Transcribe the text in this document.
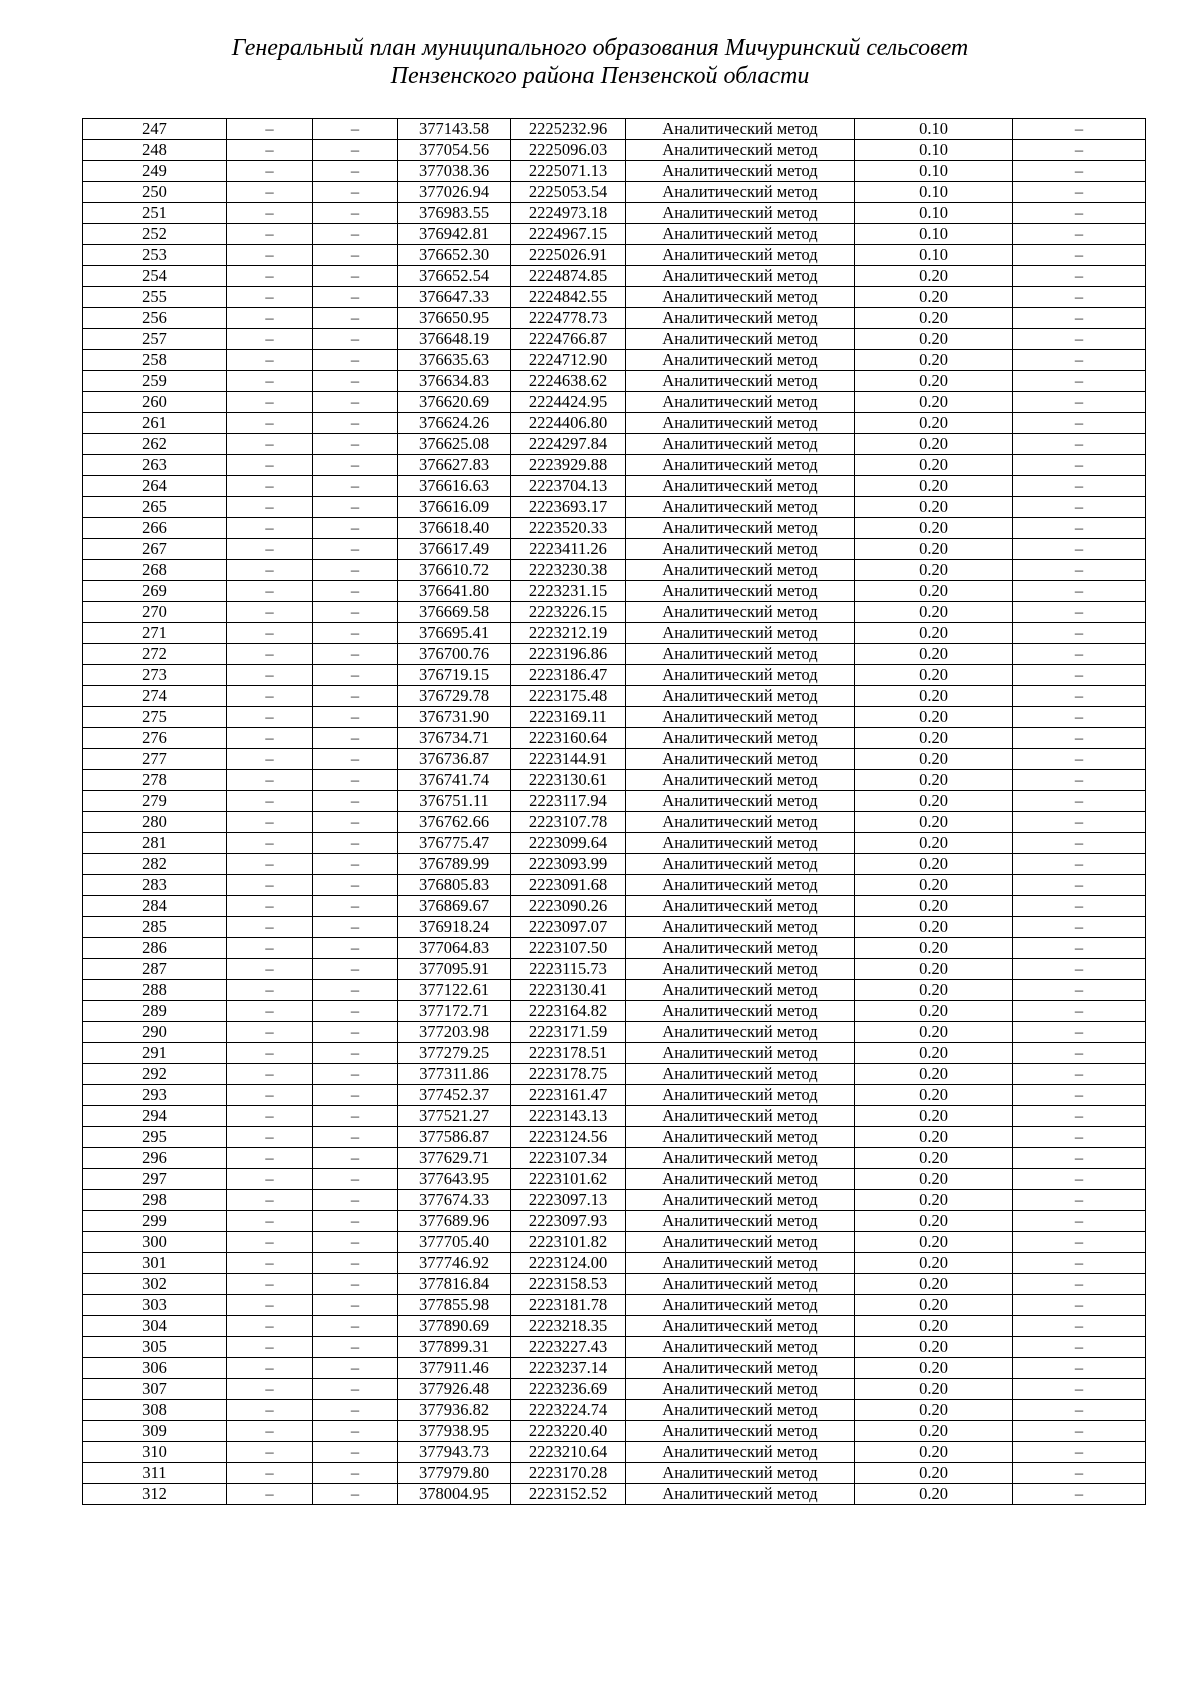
Генеральный план муниципального образования Мичуринский сельсовет
Пензенского района Пензенской области
247	–	–	377143.58	2225232.96	Аналитический метод	0.10	–
248	–	–	377054.56	2225096.03	Аналитический метод	0.10	–
249	–	–	377038.36	2225071.13	Аналитический метод	0.10	–
250	–	–	377026.94	2225053.54	Аналитический метод	0.10	–
251	–	–	376983.55	2224973.18	Аналитический метод	0.10	–
252	–	–	376942.81	2224967.15	Аналитический метод	0.10	–
253	–	–	376652.30	2225026.91	Аналитический метод	0.10	–
254	–	–	376652.54	2224874.85	Аналитический метод	0.20	–
255	–	–	376647.33	2224842.55	Аналитический метод	0.20	–
256	–	–	376650.95	2224778.73	Аналитический метод	0.20	–
257	–	–	376648.19	2224766.87	Аналитический метод	0.20	–
258	–	–	376635.63	2224712.90	Аналитический метод	0.20	–
259	–	–	376634.83	2224638.62	Аналитический метод	0.20	–
260	–	–	376620.69	2224424.95	Аналитический метод	0.20	–
261	–	–	376624.26	2224406.80	Аналитический метод	0.20	–
262	–	–	376625.08	2224297.84	Аналитический метод	0.20	–
263	–	–	376627.83	2223929.88	Аналитический метод	0.20	–
264	–	–	376616.63	2223704.13	Аналитический метод	0.20	–
265	–	–	376616.09	2223693.17	Аналитический метод	0.20	–
266	–	–	376618.40	2223520.33	Аналитический метод	0.20	–
267	–	–	376617.49	2223411.26	Аналитический метод	0.20	–
268	–	–	376610.72	2223230.38	Аналитический метод	0.20	–
269	–	–	376641.80	2223231.15	Аналитический метод	0.20	–
270	–	–	376669.58	2223226.15	Аналитический метод	0.20	–
271	–	–	376695.41	2223212.19	Аналитический метод	0.20	–
272	–	–	376700.76	2223196.86	Аналитический метод	0.20	–
273	–	–	376719.15	2223186.47	Аналитический метод	0.20	–
274	–	–	376729.78	2223175.48	Аналитический метод	0.20	–
275	–	–	376731.90	2223169.11	Аналитический метод	0.20	–
276	–	–	376734.71	2223160.64	Аналитический метод	0.20	–
277	–	–	376736.87	2223144.91	Аналитический метод	0.20	–
278	–	–	376741.74	2223130.61	Аналитический метод	0.20	–
279	–	–	376751.11	2223117.94	Аналитический метод	0.20	–
280	–	–	376762.66	2223107.78	Аналитический метод	0.20	–
281	–	–	376775.47	2223099.64	Аналитический метод	0.20	–
282	–	–	376789.99	2223093.99	Аналитический метод	0.20	–
283	–	–	376805.83	2223091.68	Аналитический метод	0.20	–
284	–	–	376869.67	2223090.26	Аналитический метод	0.20	–
285	–	–	376918.24	2223097.07	Аналитический метод	0.20	–
286	–	–	377064.83	2223107.50	Аналитический метод	0.20	–
287	–	–	377095.91	2223115.73	Аналитический метод	0.20	–
288	–	–	377122.61	2223130.41	Аналитический метод	0.20	–
289	–	–	377172.71	2223164.82	Аналитический метод	0.20	–
290	–	–	377203.98	2223171.59	Аналитический метод	0.20	–
291	–	–	377279.25	2223178.51	Аналитический метод	0.20	–
292	–	–	377311.86	2223178.75	Аналитический метод	0.20	–
293	–	–	377452.37	2223161.47	Аналитический метод	0.20	–
294	–	–	377521.27	2223143.13	Аналитический метод	0.20	–
295	–	–	377586.87	2223124.56	Аналитический метод	0.20	–
296	–	–	377629.71	2223107.34	Аналитический метод	0.20	–
297	–	–	377643.95	2223101.62	Аналитический метод	0.20	–
298	–	–	377674.33	2223097.13	Аналитический метод	0.20	–
299	–	–	377689.96	2223097.93	Аналитический метод	0.20	–
300	–	–	377705.40	2223101.82	Аналитический метод	0.20	–
301	–	–	377746.92	2223124.00	Аналитический метод	0.20	–
302	–	–	377816.84	2223158.53	Аналитический метод	0.20	–
303	–	–	377855.98	2223181.78	Аналитический метод	0.20	–
304	–	–	377890.69	2223218.35	Аналитический метод	0.20	–
305	–	–	377899.31	2223227.43	Аналитический метод	0.20	–
306	–	–	377911.46	2223237.14	Аналитический метод	0.20	–
307	–	–	377926.48	2223236.69	Аналитический метод	0.20	–
308	–	–	377936.82	2223224.74	Аналитический метод	0.20	–
309	–	–	377938.95	2223220.40	Аналитический метод	0.20	–
310	–	–	377943.73	2223210.64	Аналитический метод	0.20	–
311	–	–	377979.80	2223170.28	Аналитический метод	0.20	–
312	–	–	378004.95	2223152.52	Аналитический метод	0.20	–
